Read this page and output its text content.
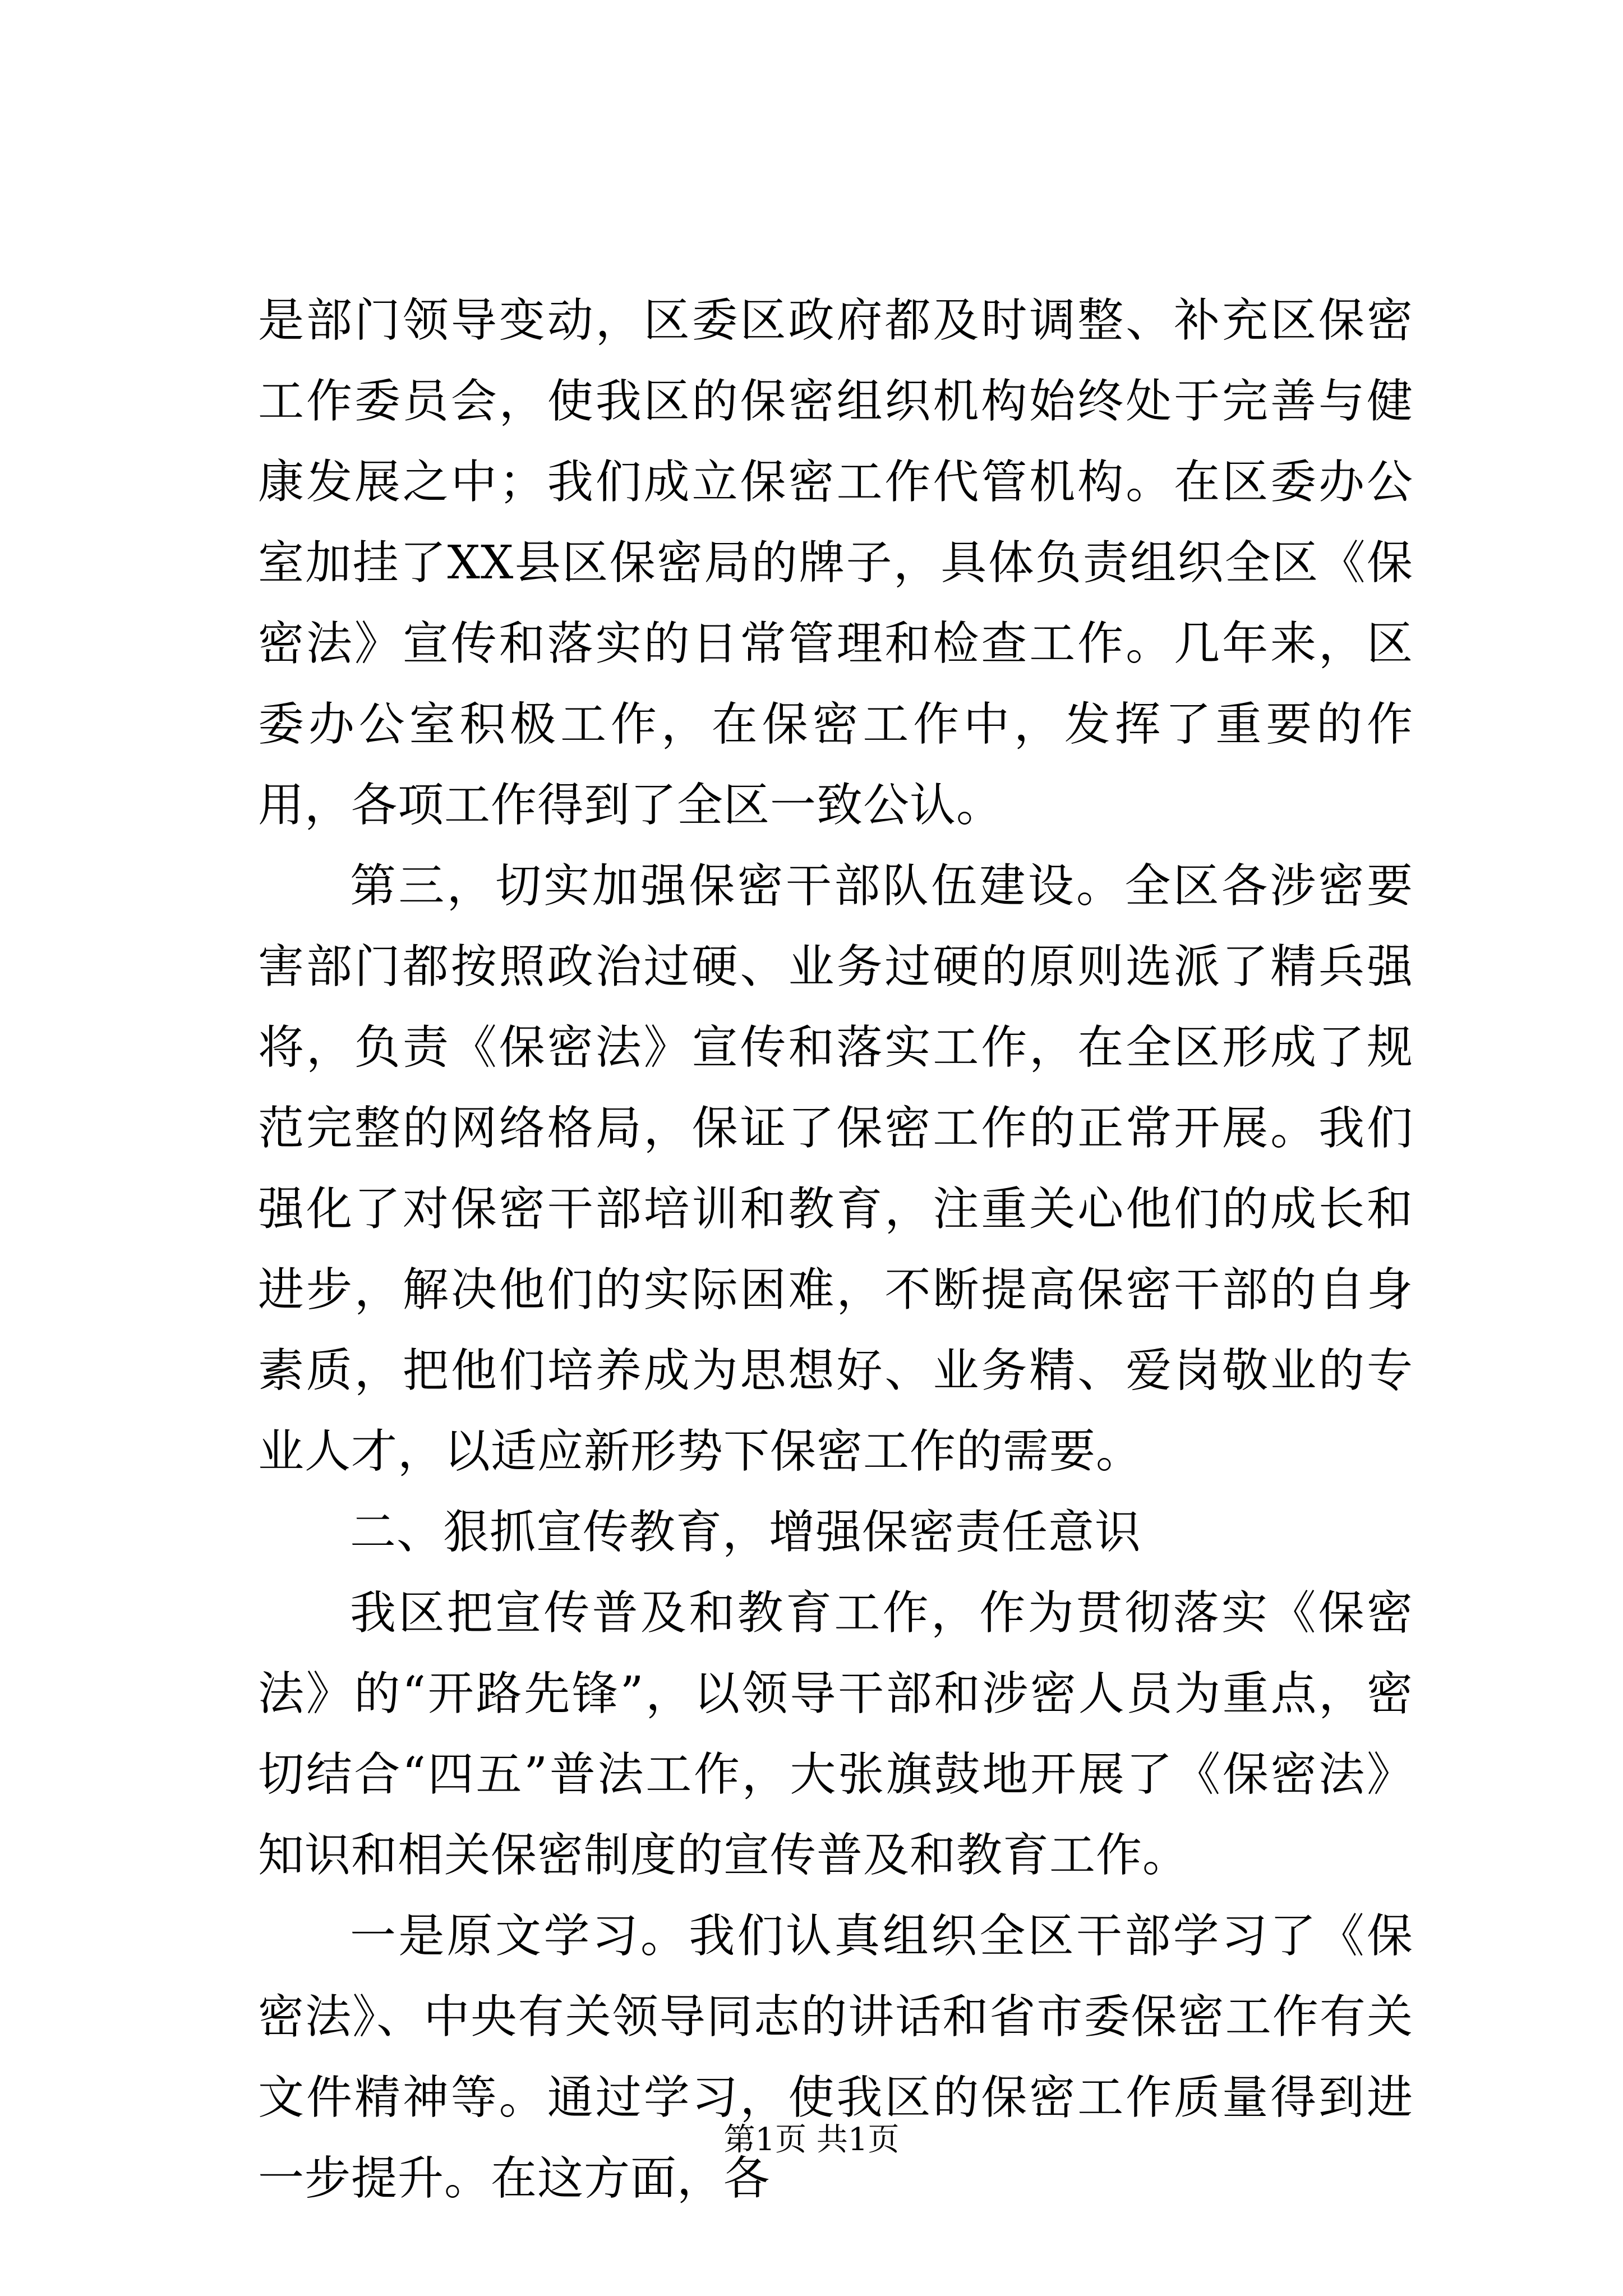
是部门领导变动，区委区政府都及时调整、补充区保密工作委员会，使我区的保密组织机构始终处于完善与健康发展之中；我们成立保密工作代管机构。在区委办公室加挂了XX县区保密局的牌子，具体负责组织全区《保密法》宣传和落实的日常管理和检查工作。几年来，区委办公室积极工作，在保密工作中，发挥了重要的作用，各项工作得到了全区一致公认。

第三，切实加强保密干部队伍建设。全区各涉密要害部门都按照政治过硬、业务过硬的原则选派了精兵强将，负责《保密法》宣传和落实工作，在全区形成了规范完整的网络格局，保证了保密工作的正常开展。我们强化了对保密干部培训和教育，注重关心他们的成长和进步，解决他们的实际困难，不断提高保密干部的自身素质，把他们培养成为思想好、业务精、爱岗敬业的专业人才，以适应新形势下保密工作的需要。

二、狠抓宣传教育，增强保密责任意识

我区把宣传普及和教育工作，作为贯彻落实《保密法》的“开路先锋”，以领导干部和涉密人员为重点，密切结合“四五”普法工作，大张旗鼓地开展了《保密法》知识和相关保密制度的宣传普及和教育工作。

一是原文学习。我们认真组织全区干部学习了《保密法》、中央有关领导同志的讲话和省市委保密工作有关文件精神等。通过学习，使我区的保密工作质量得到进一步提升。在这方面，各

第1页 共1页
